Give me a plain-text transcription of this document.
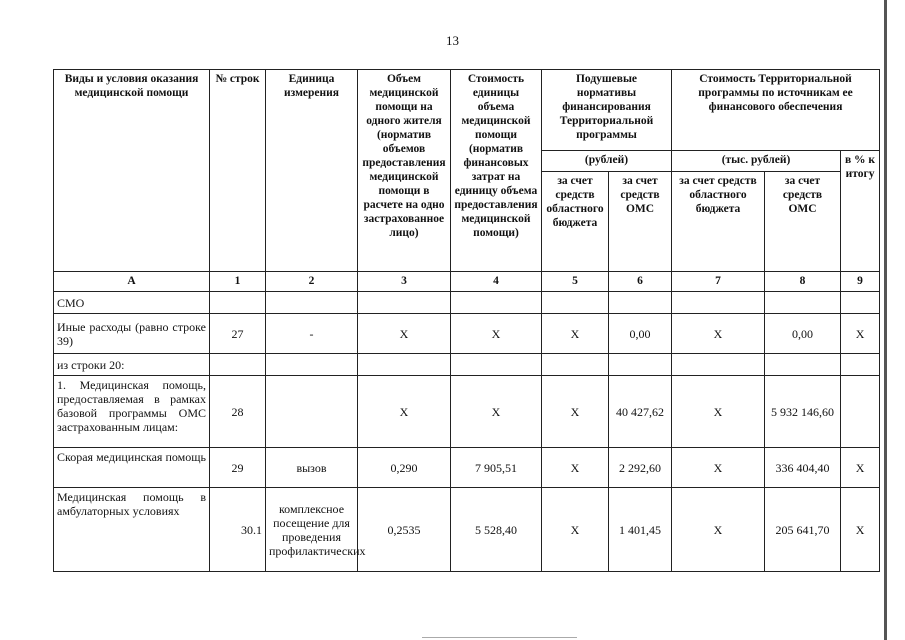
13
Виды и условия оказания медицинской помощи	№ строк	Единица измерения	Объем медицинской помощи на одного жителя (норматив объемов предоставления медицинской помощи в расчете на одно застрахованное лицо)	Стоимость единицы объема медицинской помощи (норматив финансовых затрат на единицу объема предоставления медицинской помощи)	Подушевые нормативы финансирования Территориальной программы		Стоимость Территориальной программы по источникам ее финансового обеспечения		
					(рублей)		(тыс. рублей)		в % к итогу
					за счет средств областного бюджета	за счет средств ОМС	за счет средств областного бюджета	за счет средств ОМС	
А	1	2	3	4	5	6	7	8	9
СМО									
Иные расходы (равно строке 39)	27	-	Х	Х	Х	0,00	Х	0,00	Х
из строки 20:									
1. Медицинская помощь, предоставляемая в рамках базовой программы ОМС застрахованным лицам:	28		Х	Х	Х	40 427,62	Х	5 932 146,60	
Скорая медицинская помощь	29	вызов	0,290	7 905,51	Х	2 292,60	Х	336 404,40	Х
Медицинская помощь в амбулаторных условиях	30.1	комплексное посещение для проведения профилактических	0,2535	5 528,40	Х	1 401,45	Х	205 641,70	Х
